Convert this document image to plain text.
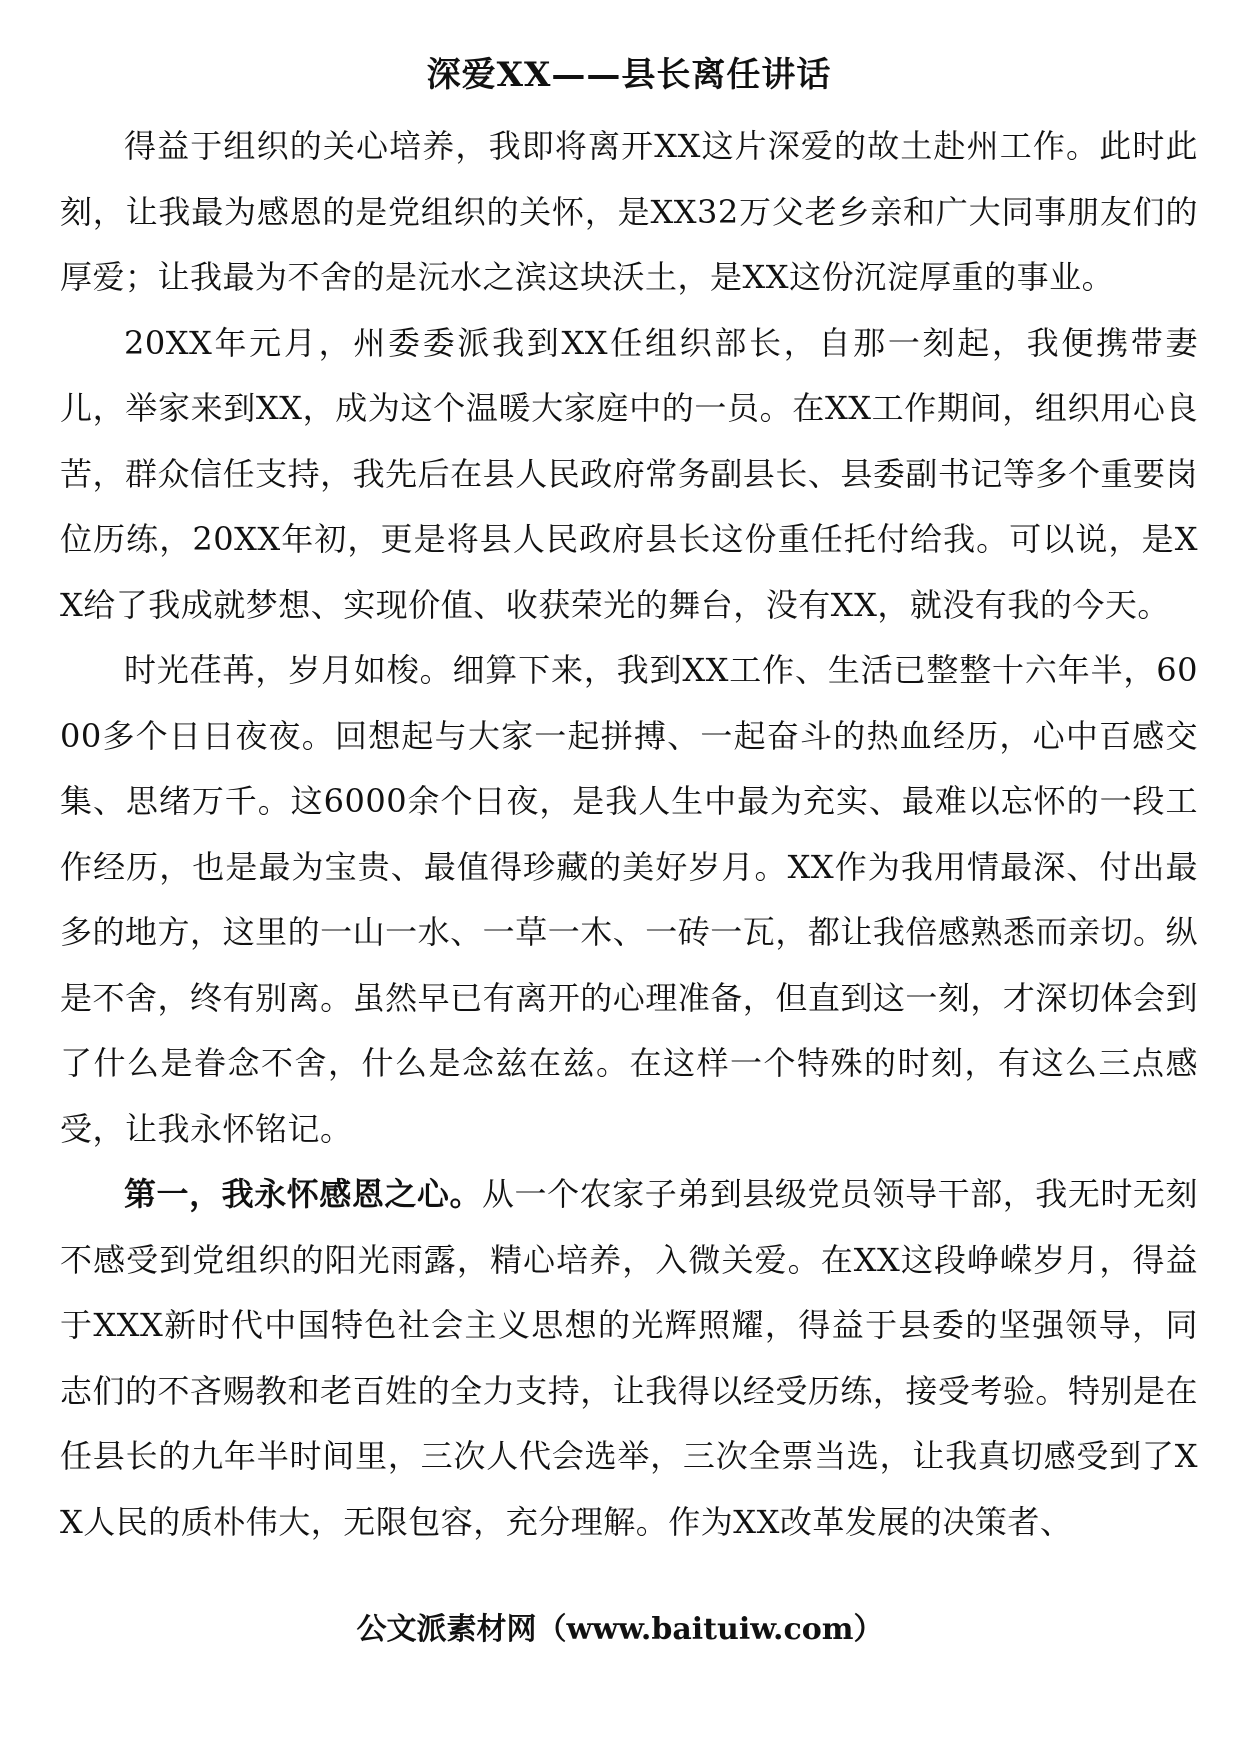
深爱XX——县长离任讲话

得益于组织的关心培养，我即将离开XX这片深爱的故土赴州工作。此时此刻，让我最为感恩的是党组织的关怀，是XX32万父老乡亲和广大同事朋友们的厚爱；让我最为不舍的是沅水之滨这块沃土，是XX这份沉淀厚重的事业。

20XX年元月，州委委派我到XX任组织部长，自那一刻起，我便携带妻儿，举家来到XX，成为这个温暖大家庭中的一员。在XX工作期间，组织用心良苦，群众信任支持，我先后在县人民政府常务副县长、县委副书记等多个重要岗位历练，20XX年初，更是将县人民政府县长这份重任托付给我。可以说，是XX给了我成就梦想、实现价值、收获荣光的舞台，没有XX，就没有我的今天。

时光荏苒，岁月如梭。细算下来，我到XX工作、生活已整整十六年半，6000多个日日夜夜。回想起与大家一起拼搏、一起奋斗的热血经历，心中百感交集、思绪万千。这6000余个日夜，是我人生中最为充实、最难以忘怀的一段工作经历，也是最为宝贵、最值得珍藏的美好岁月。XX作为我用情最深、付出最多的地方，这里的一山一水、一草一木、一砖一瓦，都让我倍感熟悉而亲切。纵是不舍，终有别离。虽然早已有离开的心理准备，但直到这一刻，才深切体会到了什么是眷念不舍，什么是念兹在兹。在这样一个特殊的时刻，有这么三点感受，让我永怀铭记。

第一，我永怀感恩之心。从一个农家子弟到县级党员领导干部，我无时无刻不感受到党组织的阳光雨露，精心培养，入微关爱。在XX这段峥嵘岁月，得益于XXX新时代中国特色社会主义思想的光辉照耀，得益于县委的坚强领导，同志们的不吝赐教和老百姓的全力支持，让我得以经受历练，接受考验。特别是在任县长的九年半时间里，三次人代会选举，三次全票当选，让我真切感受到了XX人民的质朴伟大，无限包容，充分理解。作为XX改革发展的决策者、

公文派素材网（www.baituiw.com）
